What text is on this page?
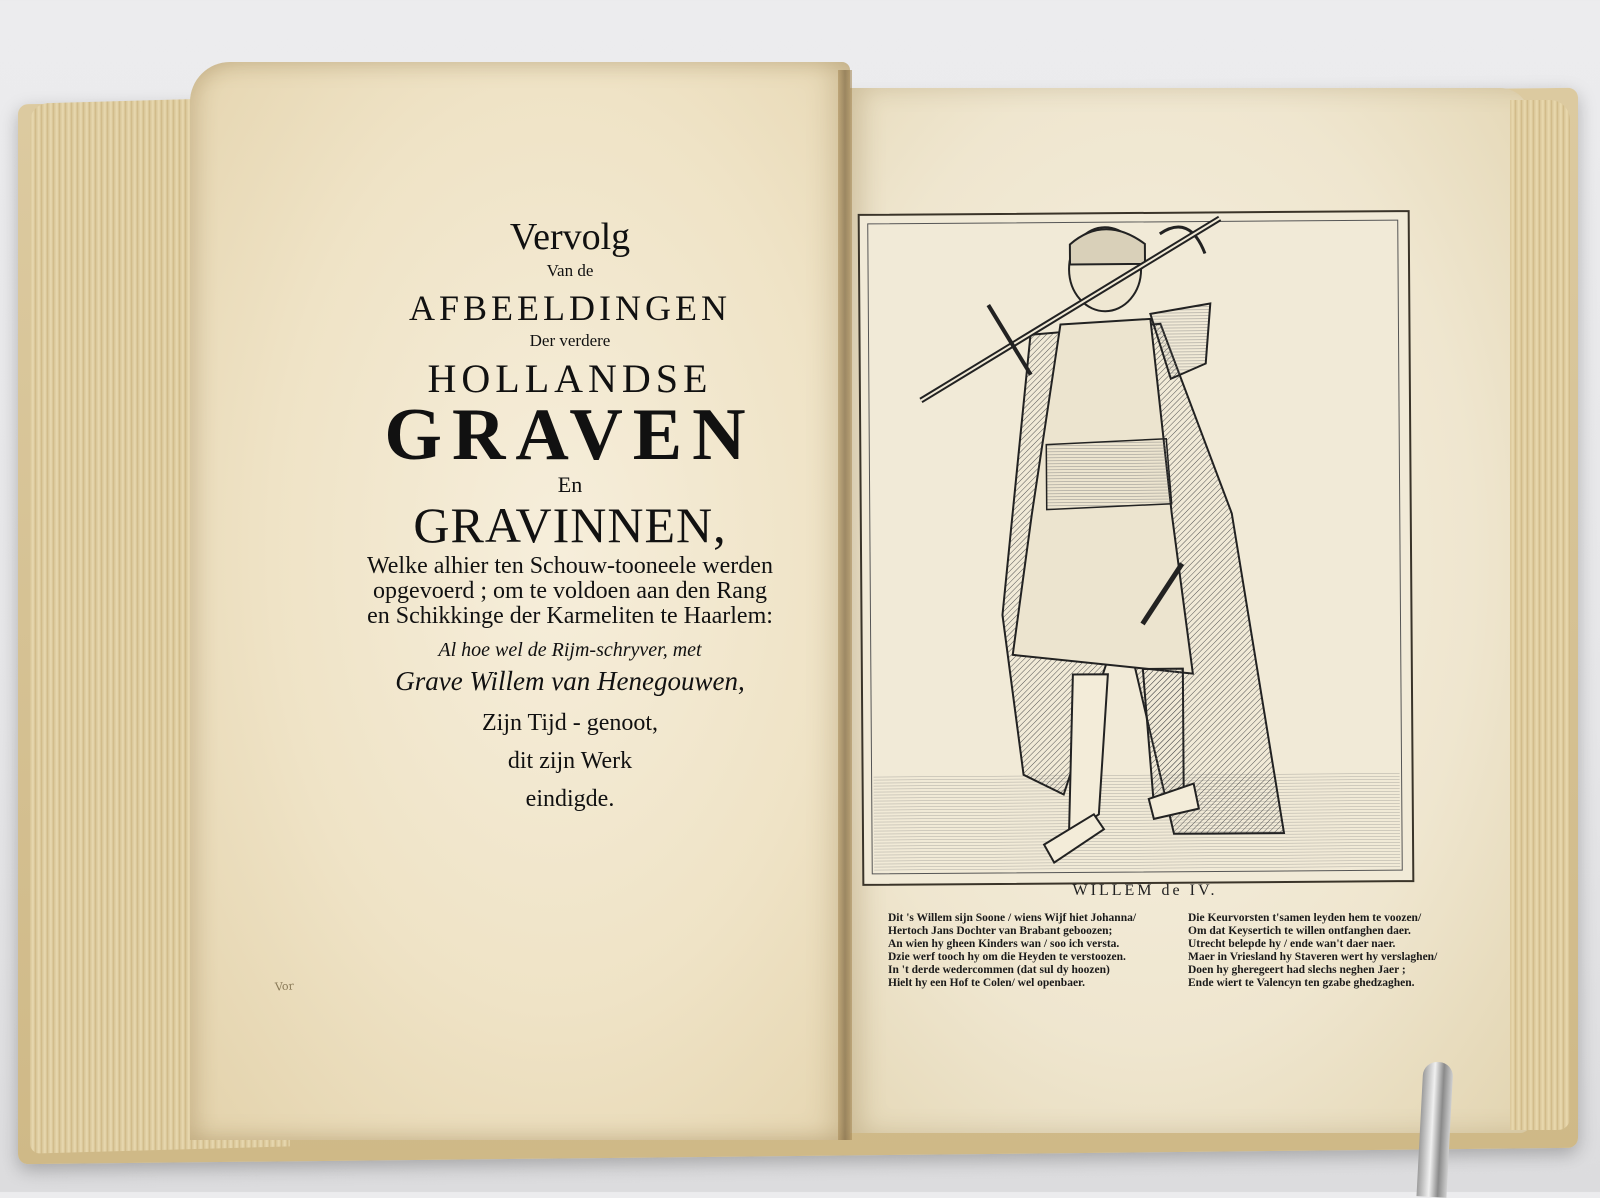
Vervolg
Van de
AFBEELDINGEN
Der verdere
HOLLANDSE
GRAVEN
En
GRAVINNEN,
Welke alhier ten Schouw-tooneele werden
opgevoerd ; om te voldoen aan den Rang
en Schikkinge der Karmeliten te Haarlem:
Al hoe wel de Rijm-schryver, met
Grave Willem van Henegouwen,
Zijn Tijd - genoot,
dit zijn Werk
eindigde.
Vor
WILLEM de IV.
Dit 's Willem sijn Soone / wiens Wijf hiet Johanna/
Hertoch Jans Dochter van Brabant geboozen;
An wien hy gheen Kinders wan / soo ich versta.
Dzie werf tooch hy om die Heyden te verstoozen.
In 't derde wedercommen (dat sul dy hoozen)
Hielt hy een Hof te Colen/ wel openbaer.
Die Keurvorsten t'samen leyden hem te voozen/
Om dat Keysertich te willen ontfanghen daer.
Utrecht belepde hy / ende wan't daer naer.
Maer in Vriesland hy Staveren wert hy verslaghen/
Doen hy gheregeert had slechs neghen Jaer ;
Ende wiert te Valencyn ten gzabe ghedzaghen.
